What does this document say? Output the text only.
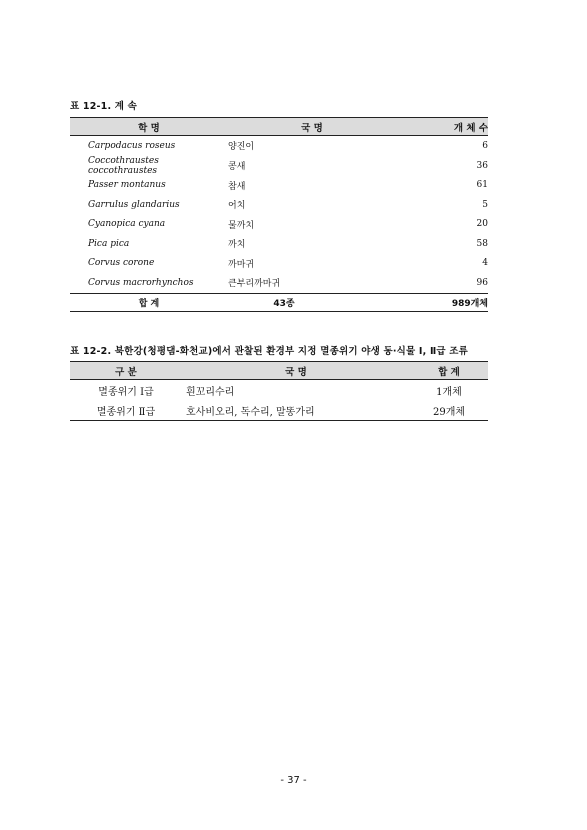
표 12-1. 계 속
학 명	국 명	개 체 수
Carpodacus roseus	양진이	6
Coccothraustes coccothraustes	콩새	36
Passer montanus	참새	61
Garrulus glandarius	어치	5
Cyanopica cyana	물까치	20
Pica pica	까치	58
Corvus corone	까마귀	4
Corvus macrorhynchos	큰부리까마귀	96
합 계	43종	989개체
표 12-2. 북한강(청평댐-화천교)에서 관찰된 환경부 지정 멸종위기 야생 동·식물 Ⅰ, Ⅱ급 조류
구 분	국 명	합 계
멸종위기 Ⅰ급	흰꼬리수리	1개체
멸종위기 Ⅱ급	호사비오리, 독수리, 말똥가리	29개체
- 37 -
